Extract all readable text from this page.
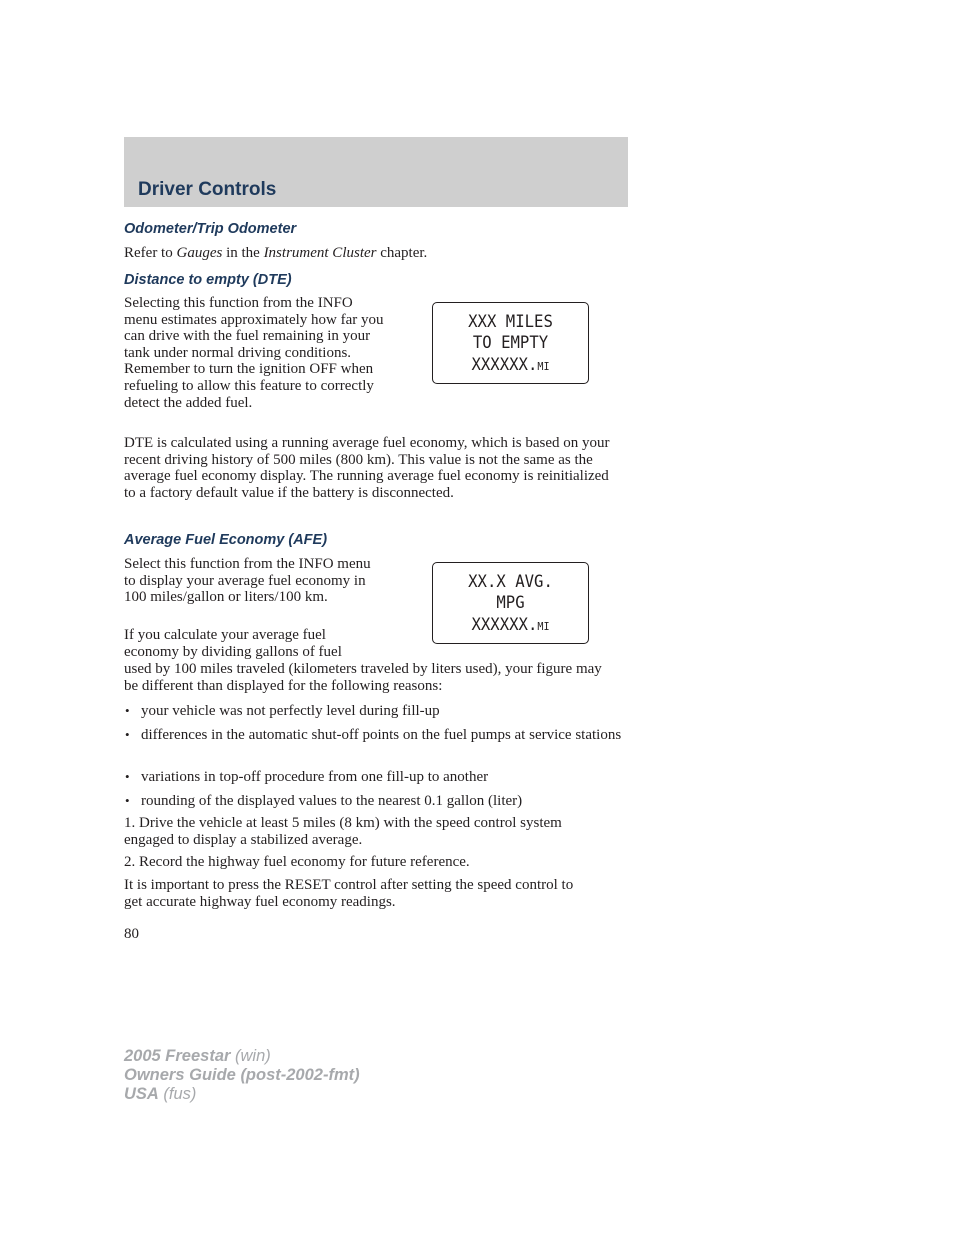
Driver Controls
Odometer/Trip Odometer
Refer to Gauges in the Instrument Cluster chapter.
Distance to empty (DTE)
Selecting this function from the INFO menu estimates approximately how far you can drive with the fuel remaining in your tank under normal driving conditions. Remember to turn the ignition OFF when refueling to allow this feature to correctly detect the added fuel.
XXX MILES
TO EMPTY
XXXXXX.MI
DTE is calculated using a running average fuel economy, which is based on your recent driving history of 500 miles (800 km). This value is not the same as the average fuel economy display. The running average fuel economy is reinitialized to a factory default value if the battery is disconnected.
Average Fuel Economy (AFE)
Select this function from the INFO menu to display your average fuel economy in 100 miles/gallon or liters/100 km.
XX.X AVG.
MPG
XXXXXX.MI
If you calculate your average fuel economy by dividing gallons of fuel
used by 100 miles traveled (kilometers traveled by liters used), your figure may be different than displayed for the following reasons:
• your vehicle was not perfectly level during fill-up
• differences in the automatic shut-off points on the fuel pumps at service stations
• variations in top-off procedure from one fill-up to another
• rounding of the displayed values to the nearest 0.1 gallon (liter)
1. Drive the vehicle at least 5 miles (8 km) with the speed control system engaged to display a stabilized average.
2. Record the highway fuel economy for future reference.
It is important to press the RESET control after setting the speed control to get accurate highway fuel economy readings.
80
2005 Freestar (win)
Owners Guide (post-2002-fmt)
USA (fus)
